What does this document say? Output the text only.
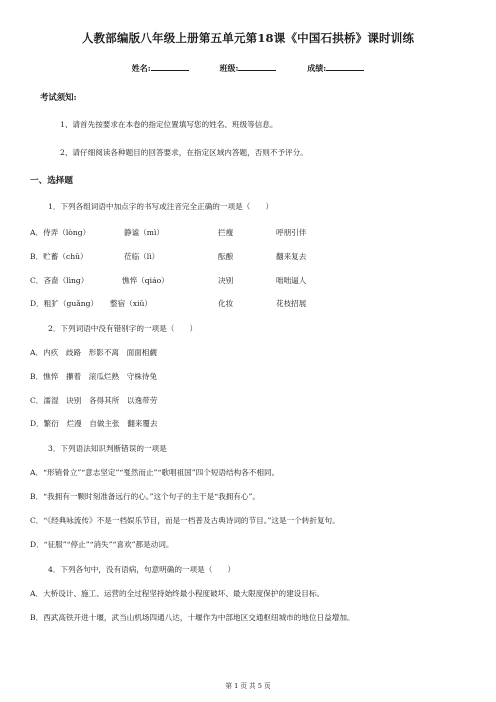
人教部编版八年级上册第五单元第18课《中国石拱桥》课时训练
姓名:	班级:	成绩:
考试须知:
1、请首先按要求在本卷的指定位置填写您的姓名、班级等信息。
2、请仔细阅读各种题目的回答要求，在指定区域内答题，否则不予评分。
一、选择题
1．下列各组词语中加点字的书写或注音完全正确的一项是（　　）
A．侍弄（lòng）	静谧（mì）	拦瘦	呼朋引伴
B．贮蓄（chǔ）	莅临（lì）	酝酿	翻来复去
C．吝啬（lìng）	憔悴（qiáo）	决别	咄咄逼人
D．粗犷（guǎng） 整宿（xiǔ）	化妆	花枝招展
2．下列词语中没有错别字的一项是（　　）
A．内疚　歧路　形影不离　面面相觑
B．憔悴　攥着　滚瓜烂熟　守株待兔
C．濡湿　诀别　各得其所　以逸带劳
D．繁衍　烂漫　自做主张　翻来覆去
3．下列语法知识判断错误的一项是
A．“形销骨立”“意志坚定”“戛然而止”“歌唱祖国”四个短语结构各不相同。
B．“我拥有一颗时刻准备远行的心。”这个句子的主干是“我拥有心”。
C．“《经典咏流传》不是一档娱乐节目，而是一档普及古典诗词的节目。”这是一个转折复句。
D．“征服”“停止”“消失”“喜欢”都是动词。
4．下列各句中，没有语病，句意明确的一项是（　　）
A．大桥设计、施工、运营的全过程坚持始终最小程度破坏、最大限度保护的建设目标。
B．西武高铁开进十堰，武当山机场四通八达，十堰作为中部地区交通枢纽城市的地位日益增加。
第 1 页 共 5 页
